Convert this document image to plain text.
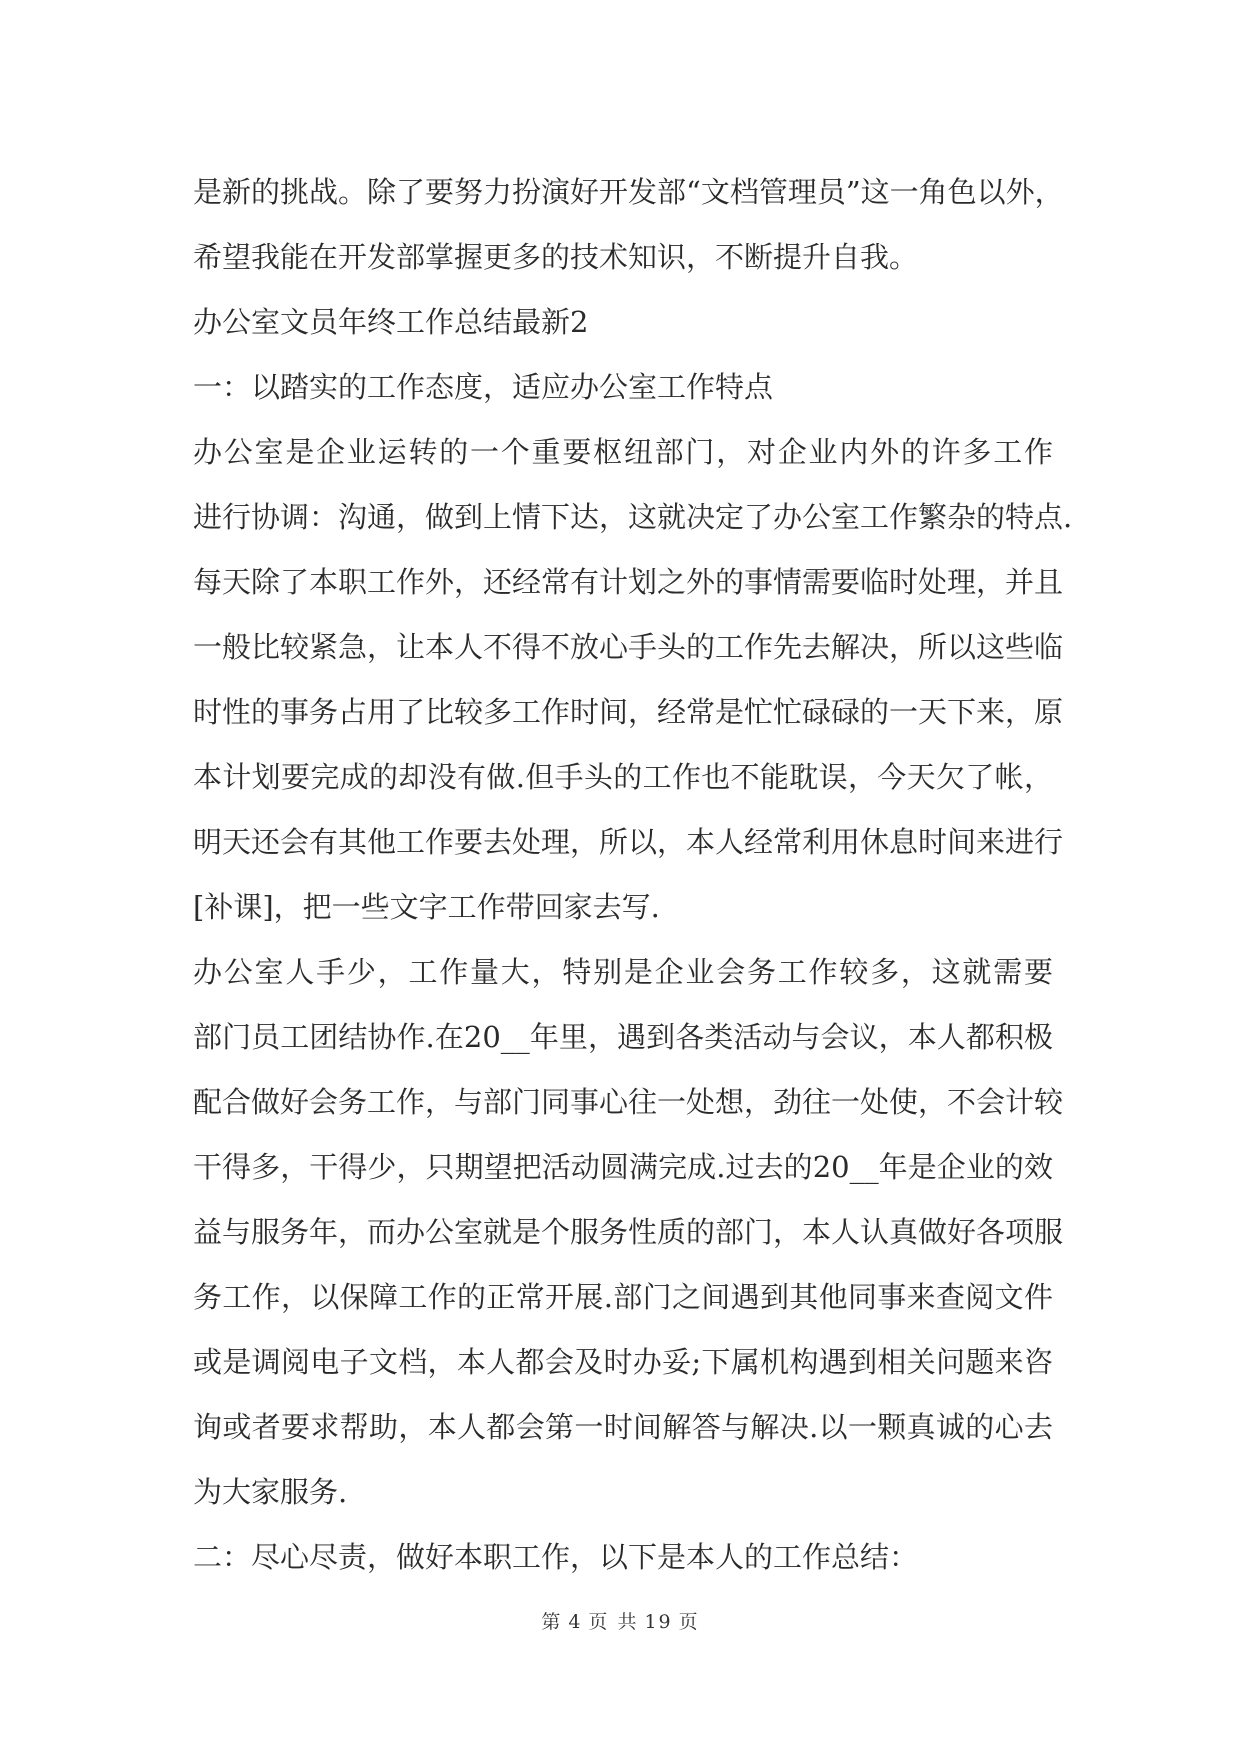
是新的挑战。除了要努力扮演好开发部“文档管理员”这一角色以外，
希望我能在开发部掌握更多的技术知识，不断提升自我。

办公室文员年终工作总结最新2

一：以踏实的工作态度，适应办公室工作特点

办公室是企业运转的一个重要枢纽部门，对企业内外的许多工作
进行协调：沟通，做到上情下达，这就决定了办公室工作繁杂的特点.
每天除了本职工作外，还经常有计划之外的事情需要临时处理，并且
一般比较紧急，让本人不得不放心手头的工作先去解决，所以这些临
时性的事务占用了比较多工作时间，经常是忙忙碌碌的一天下来，原
本计划要完成的却没有做.但手头的工作也不能耽误，今天欠了帐，
明天还会有其他工作要去处理，所以，本人经常利用休息时间来进行
[补课]，把一些文字工作带回家去写.

办公室人手少，工作量大，特别是企业会务工作较多，这就需要
部门员工团结协作.在20__年里，遇到各类活动与会议，本人都积极
配合做好会务工作，与部门同事心往一处想，劲往一处使，不会计较
干得多，干得少，只期望把活动圆满完成.过去的20__年是企业的效
益与服务年，而办公室就是个服务性质的部门，本人认真做好各项服
务工作，以保障工作的正常开展.部门之间遇到其他同事来查阅文件
或是调阅电子文档，本人都会及时办妥;下属机构遇到相关问题来咨
询或者要求帮助，本人都会第一时间解答与解决.以一颗真诚的心去
为大家服务.

二：尽心尽责，做好本职工作，以下是本人的工作总结：

第 4 页 共 19 页
